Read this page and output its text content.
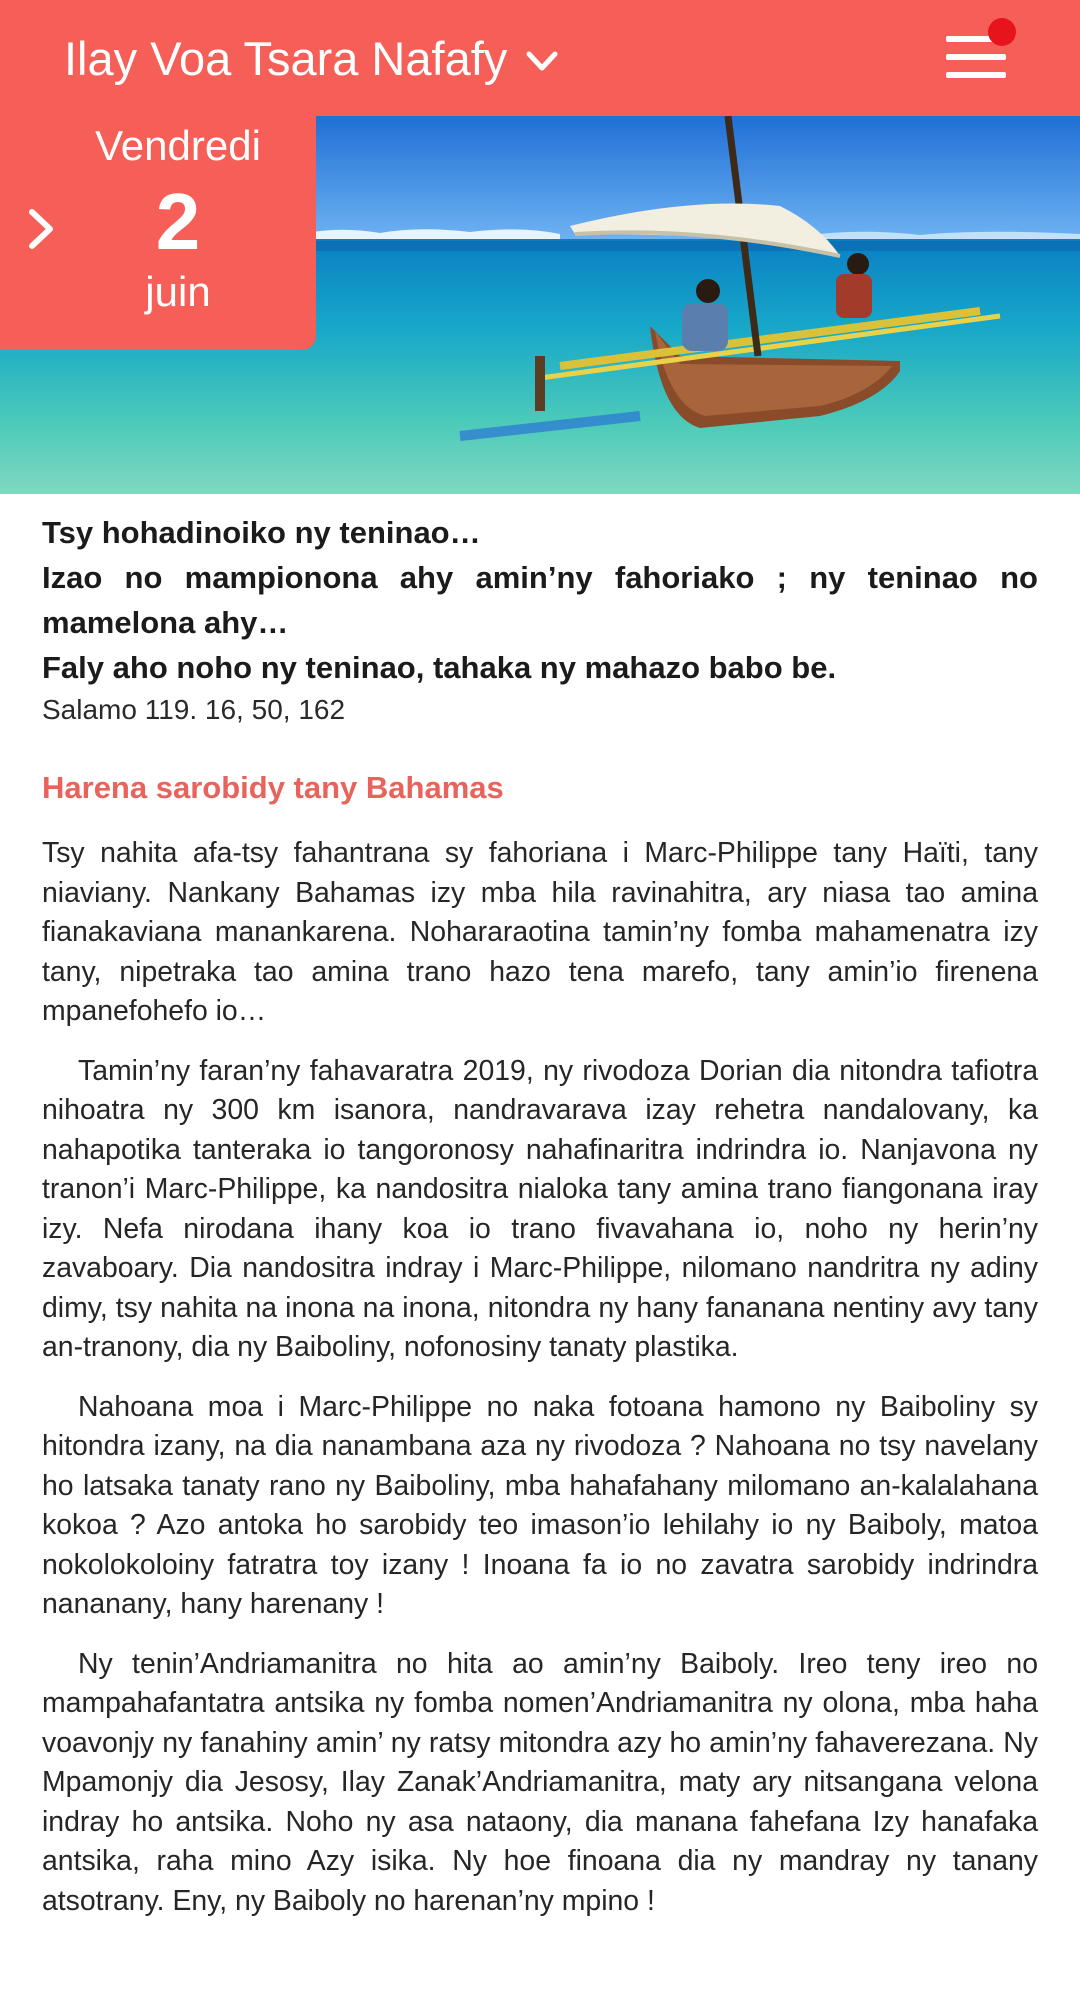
Ilay Voa Tsara Nafafy
Vendredi
2
juin

Tsy hohadinoiko ny teninao…

Izao no mampionona ahy amin’ny fahoriako ; ny teninao no mamelona ahy…

Faly aho noho ny teninao, tahaka ny mahazo babo be.

Salamo 119. 16, 50, 162

Harena sarobidy tany Bahamas

Tsy nahita afa-tsy fahantrana sy fahoriana i Marc-Philippe tany Haïti, tany niaviany. Nankany Bahamas izy mba hila ravinahitra, ary niasa tao amina fianakaviana manankarena. Nohararaotina tamin’ny fomba mahamenatra izy tany, nipetraka tao amina trano hazo tena marefo, tany amin’io firenena mpanefohefo io…

Tamin’ny faran’ny fahavaratra 2019, ny rivodoza Dorian dia nitondra tafiotra nihoatra ny 300 km isanora, nandravarava izay rehetra nandalovany, ka nahapotika tanteraka io tangoronosy nahafinaritra indrindra io. Nanjavona ny tranon’i Marc-Philippe, ka nandositra nialoka tany amina trano fiangonana iray izy. Nefa nirodana ihany koa io trano fivavahana io, noho ny herin’ny zavaboary. Dia nandositra indray i Marc-Philippe, nilomano nandritra ny adiny dimy, tsy nahita na inona na inona, nitondra ny hany fananana nentiny avy tany an-tranony, dia ny Baiboliny, nofonosiny tanaty plastika.

Nahoana moa i Marc-Philippe no naka fotoana hamono ny Baiboliny sy hitondra izany, na dia nanambana aza ny rivodoza ? Nahoana no tsy navelany ho latsaka tanaty rano ny Baiboliny, mba hahafahany milomano an-kalalahana kokoa ? Azo antoka ho sarobidy teo imason’io lehilahy io ny Baiboly, matoa nokolokoloiny fatratra toy izany ! Inoana fa io no zavatra sarobidy indrindra nananany, hany harenany !

Ny tenin’Andriamanitra no hita ao amin’ny Baiboly. Ireo teny ireo no mampahafantatra antsika ny fomba nomen’Andriamanitra ny olona, mba haha voavonjy ny fanahiny amin’ ny ratsy mitondra azy ho amin’ny fahaverezana. Ny Mpamonjy dia Jesosy, Ilay Zanak’Andriamanitra, maty ary nitsangana velona indray ho antsika. Noho ny asa nataony, dia manana fahefana Izy hanafaka antsika, raha mino Azy isika. Ny hoe finoana dia ny mandray ny tanany atsotrany. Eny, ny Baiboly no harenan’ny mpino !
